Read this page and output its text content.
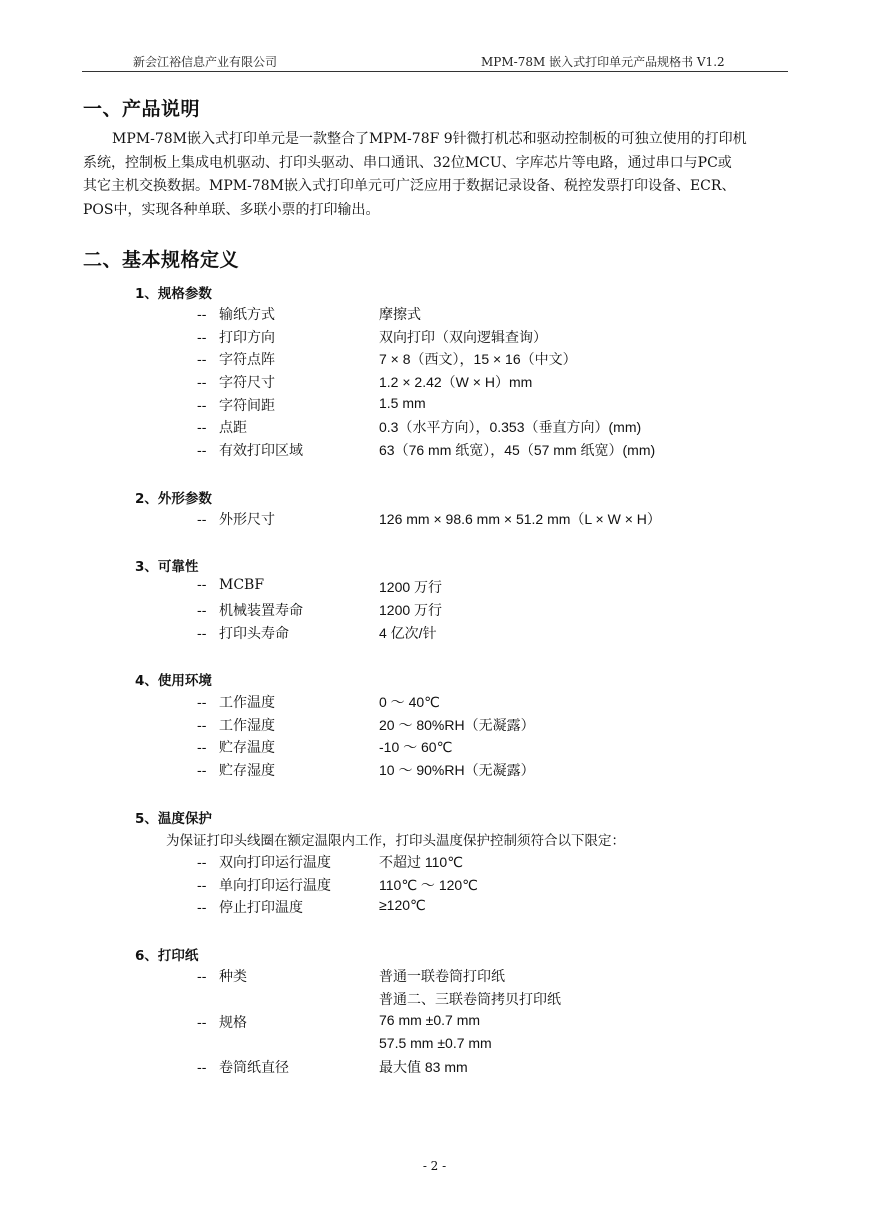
新会江裕信息产业有限公司	MPM-78M 嵌入式打印单元产品规格书 V1.2
一、产品说明
MPM-78M嵌入式打印单元是一款整合了MPM-78F 9针微打机芯和驱动控制板的可独立使用的打印机
系统，控制板上集成电机驱动、打印头驱动、串口通讯、32位MCU、字库芯片等电路，通过串口与PC或
其它主机交换数据。MPM-78M嵌入式打印单元可广泛应用于数据记录设备、税控发票打印设备、ECR、
POS中，实现各种单联、多联小票的打印输出。
二、基本规格定义
1、规格参数
-- 输纸方式	摩擦式
-- 打印方向	双向打印（双向逻辑查询）
-- 字符点阵	7 × 8（西文），15 × 16（中文）
-- 字符尺寸	1.2 × 2.42（W × H）mm
-- 字符间距	1.5 mm
-- 点距	0.3（水平方向），0.353（垂直方向）(mm)
-- 有效打印区域	63（76 mm 纸宽），45（57 mm 纸宽）(mm)
2、外形参数
-- 外形尺寸	126 mm × 98.6 mm × 51.2 mm（L × W × H）
3、可靠性
-- MCBF	1200 万行
-- 机械装置寿命	1200 万行
-- 打印头寿命	4 亿次/针
4、使用环境
-- 工作温度	0 ～ 40℃
-- 工作湿度	20 ～ 80%RH（无凝露）
-- 贮存温度	-10 ～ 60℃
-- 贮存湿度	10 ～ 90%RH（无凝露）
5、温度保护
为保证打印头线圈在额定温限内工作，打印头温度保护控制须符合以下限定：
-- 双向打印运行温度	不超过 110℃
-- 单向打印运行温度	110℃ ～ 120℃
-- 停止打印温度	≥120℃
6、打印纸
-- 种类	普通一联卷筒打印纸
普通二、三联卷筒拷贝打印纸
-- 规格	76 mm ±0.7 mm
57.5 mm ±0.7 mm
-- 卷筒纸直径	最大值 83 mm
- 2 -
